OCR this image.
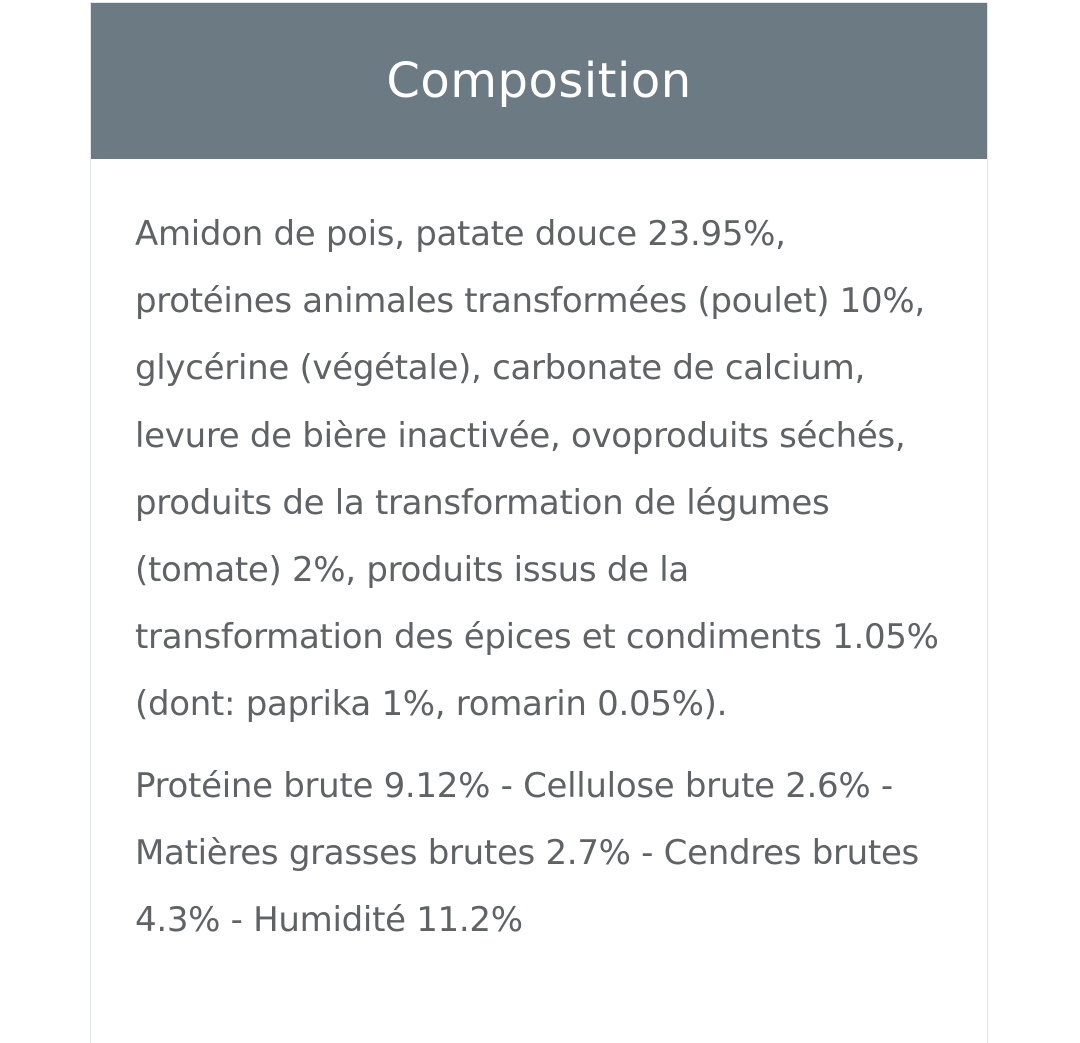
Composition

Amidon de pois, patate douce 23.95%, protéines animales transformées (poulet) 10%, glycérine (végétale), carbonate de calcium, levure de bière inactivée, ovoproduits séchés, produits de la transformation de légumes (tomate) 2%, produits issus de la transformation des épices et condiments 1.05% (dont: paprika 1%, romarin 0.05%).

Protéine brute 9.12% - Cellulose brute 2.6% - Matières grasses brutes 2.7% - Cendres brutes 4.3% - Humidité 11.2%
